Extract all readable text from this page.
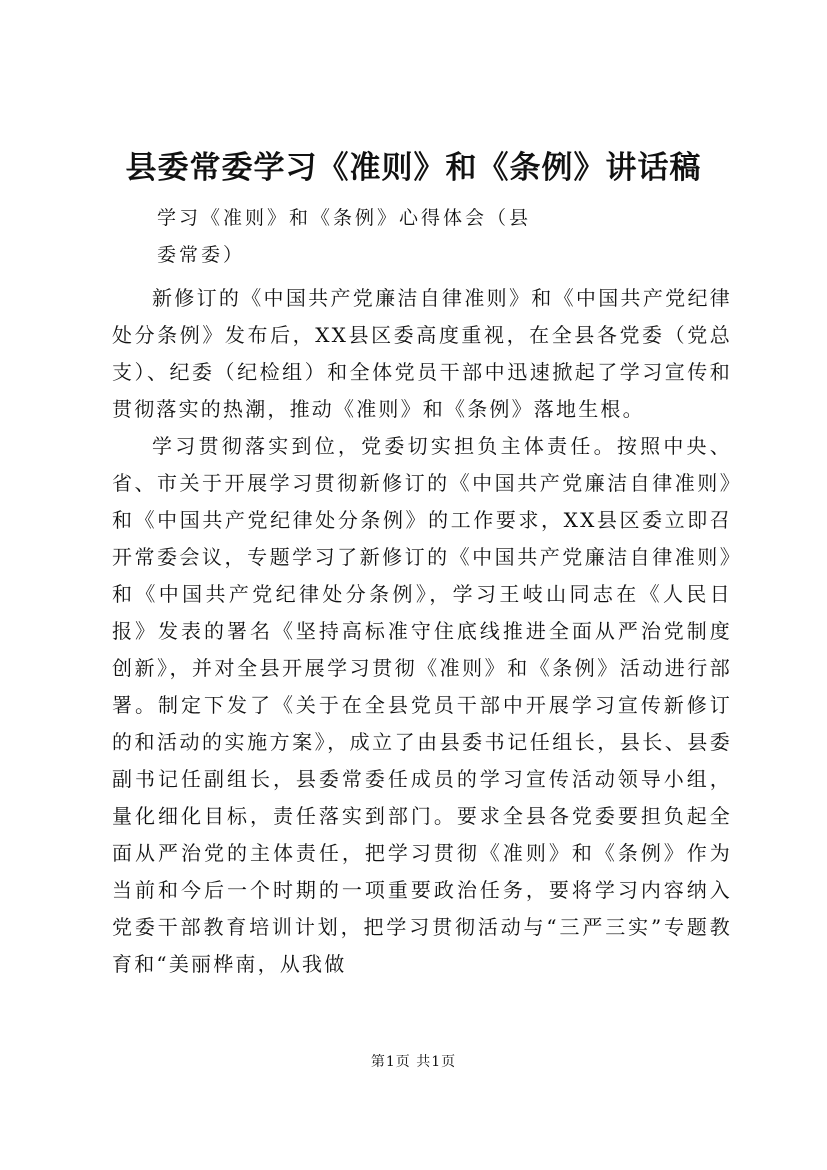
县委常委学习《准则》和《条例》讲话稿
学习《准则》和《条例》心得体会（县
委常委）

新修订的《中国共产党廉洁自律准则》和《中国共产党纪律处分条例》发布后，XX县区委高度重视，在全县各党委（党总支）、纪委（纪检组）和全体党员干部中迅速掀起了学习宣传和贯彻落实的热潮，推动《准则》和《条例》落地生根。

学习贯彻落实到位，党委切实担负主体责任。按照中央、省、市关于开展学习贯彻新修订的《中国共产党廉洁自律准则》和《中国共产党纪律处分条例》的工作要求，XX县区委立即召开常委会议，专题学习了新修订的《中国共产党廉洁自律准则》和《中国共产党纪律处分条例》，学习王岐山同志在《人民日报》发表的署名《坚持高标准守住底线推进全面从严治党制度创新》，并对全县开展学习贯彻《准则》和《条例》活动进行部署。制定下发了《关于在全县党员干部中开展学习宣传新修订的和活动的实施方案》，成立了由县委书记任组长，县长、县委副书记任副组长，县委常委任成员的学习宣传活动领导小组，量化细化目标，责任落实到部门。要求全县各党委要担负起全面从严治党的主体责任，把学习贯彻《准则》和《条例》作为当前和今后一个时期的一项重要政治任务，要将学习内容纳入党委干部教育培训计划，把学习贯彻活动与“三严三实”专题教育和“美丽桦南，从我做

第1页 共1页
